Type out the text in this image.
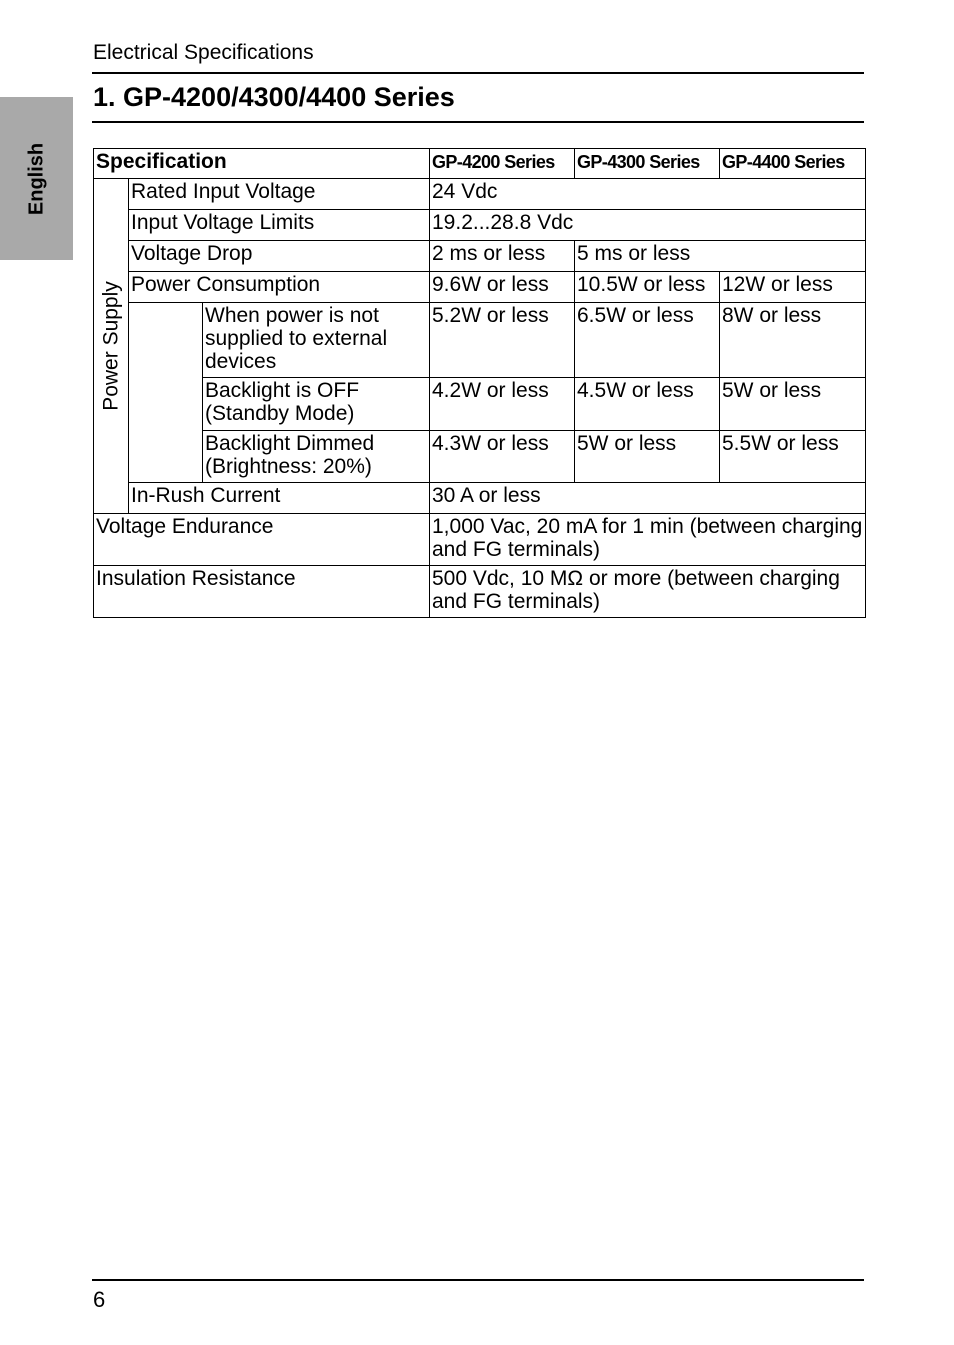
English
Electrical Specifications
1. GP-4200/4300/4400 Series
Specification			GP-4200 Series	GP-4300 Series	GP-4400 Series

Power Supply	Rated Input Voltage		24 Vdc		
	Input Voltage Limits		19.2...28.8 Vdc		
	Voltage Drop		2 ms or less	5 ms or less	
	Power Consumption		9.6W or less	10.5W or less	12W or less
		When power is not supplied to external devices	5.2W or less	6.5W or less	8W or less
		Backlight is OFF (Standby Mode)	4.2W or less	4.5W or less	5W or less
		Backlight Dimmed (Brightness: 20%)	4.3W or less	5W or less	5.5W or less
	In-Rush Current		30 A or less		
Voltage Endurance			1,000 Vac, 20 mA for 1 min (between charging and FG terminals)		
Insulation Resistance			500 Vdc, 10 MΩ or more (between charging and FG terminals)		
6
